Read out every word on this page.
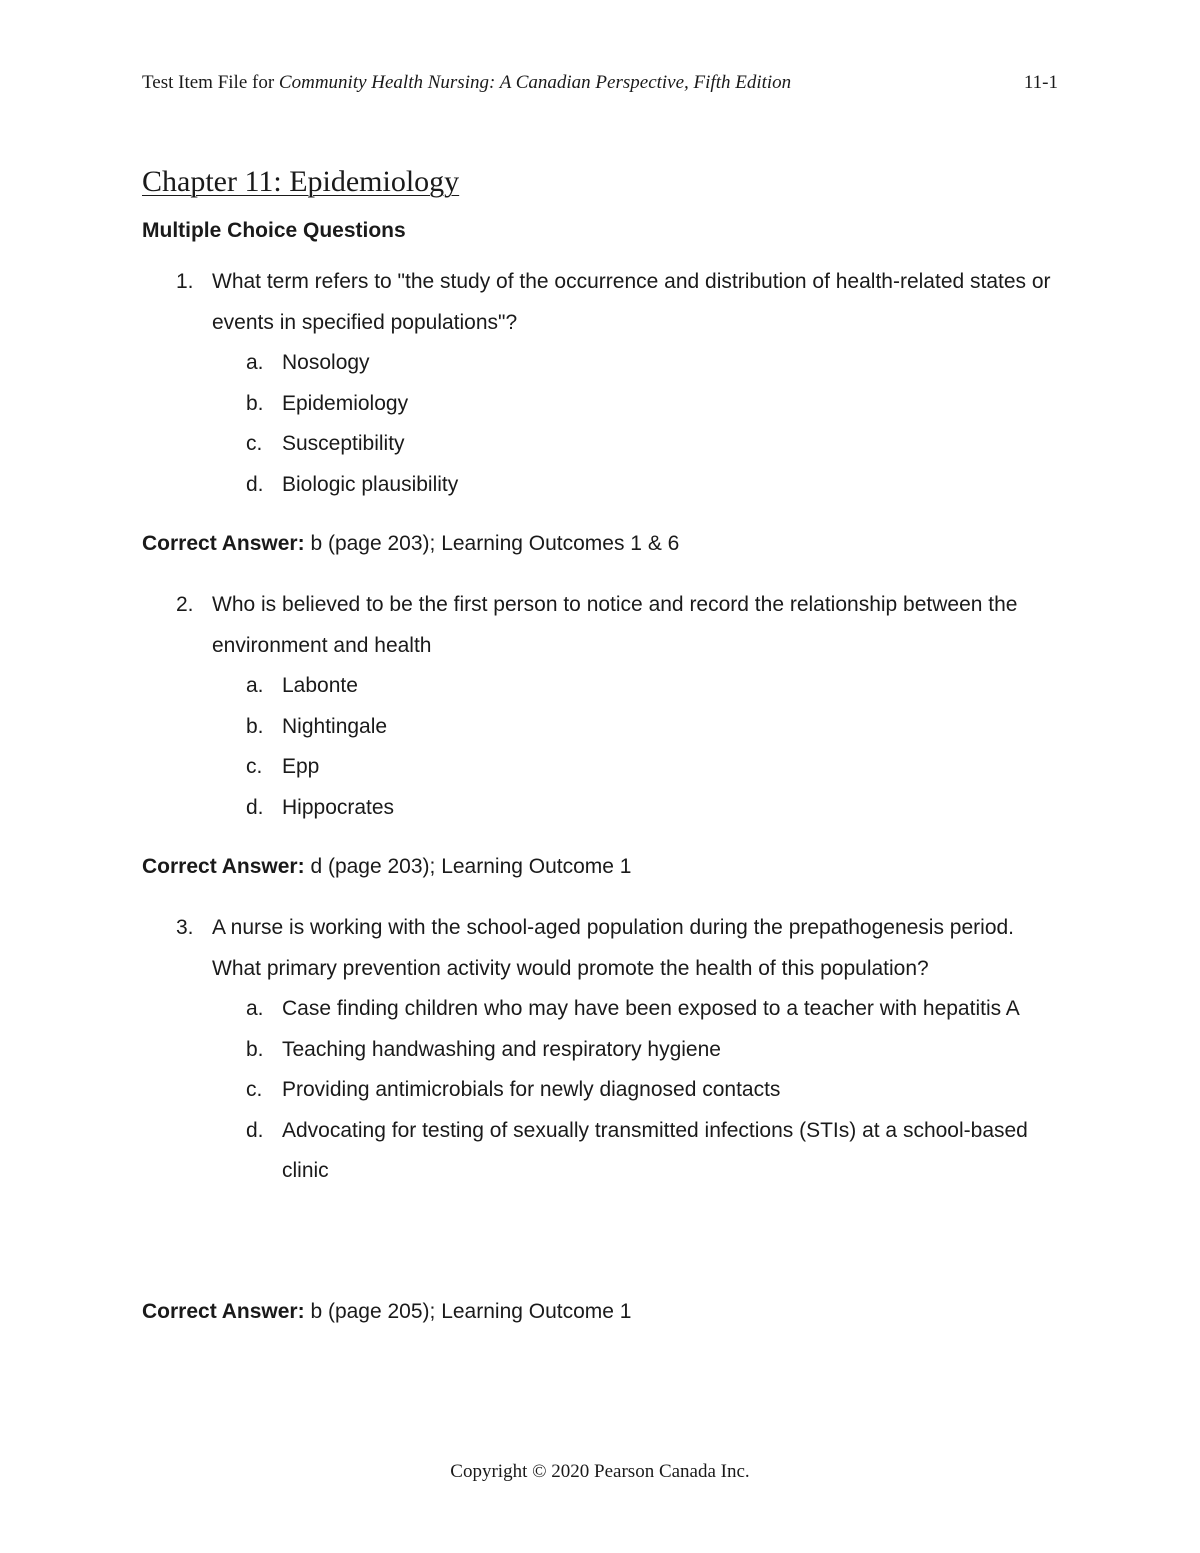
Test Item File for Community Health Nursing: A Canadian Perspective, Fifth Edition	11-1
Chapter 11: Epidemiology
Multiple Choice Questions
1. What term refers to "the study of the occurrence and distribution of health-related states or events in specified populations"?
a. Nosology
b. Epidemiology
c. Susceptibility
d. Biologic plausibility
Correct Answer: b (page 203); Learning Outcomes 1 & 6
2. Who is believed to be the first person to notice and record the relationship between the environment and health
a. Labonte
b. Nightingale
c. Epp
d. Hippocrates
Correct Answer: d (page 203); Learning Outcome 1
3. A nurse is working with the school-aged population during the prepathogenesis period. What primary prevention activity would promote the health of this population?
a. Case finding children who may have been exposed to a teacher with hepatitis A
b. Teaching handwashing and respiratory hygiene
c. Providing antimicrobials for newly diagnosed contacts
d. Advocating for testing of sexually transmitted infections (STIs) at a school-based clinic
Correct Answer: b (page 205); Learning Outcome 1
Copyright © 2020 Pearson Canada Inc.
